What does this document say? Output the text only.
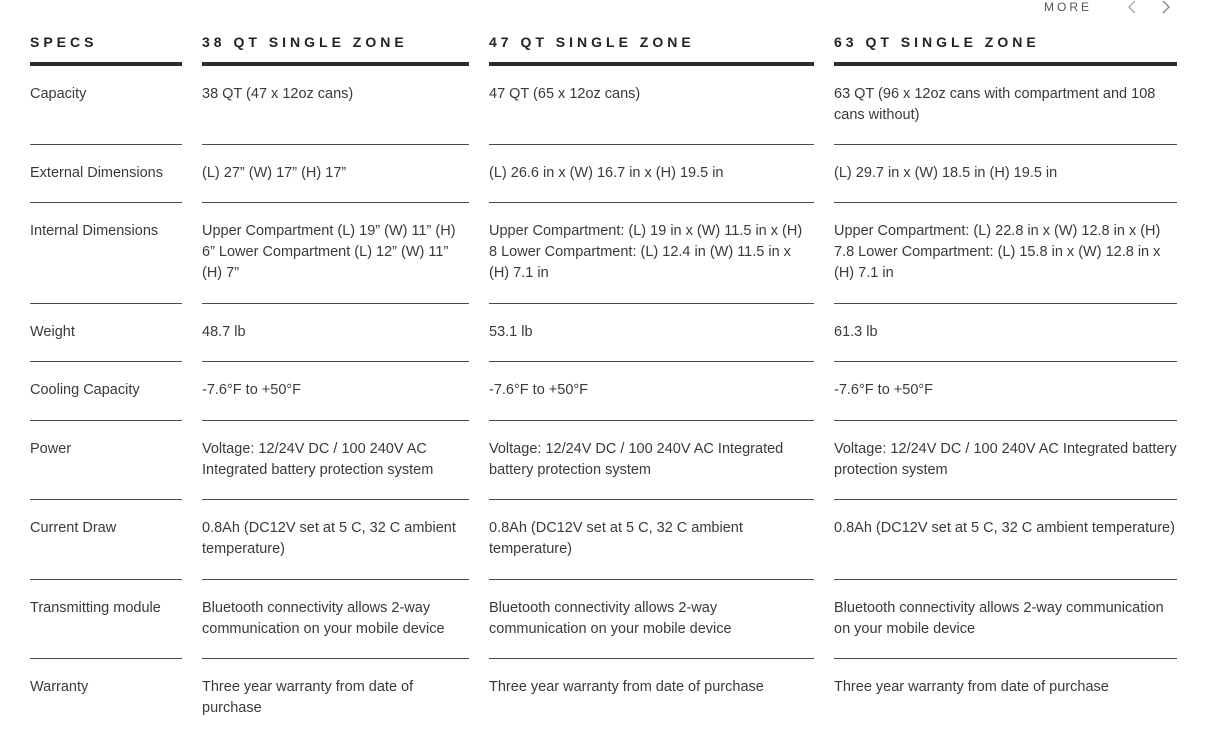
MORE
SPECS
Capacity
External Dimensions
Internal Dimensions
Weight
Cooling Capacity
Power
Current Draw
Transmitting module
Warranty
38 QT SINGLE ZONE
38 QT (47 x 12oz cans)
(L) 27” (W) 17” (H) 17”
Upper Compartment (L) 19” (W) 11” (H) 6” Lower Compartment (L) 12” (W) 11” (H) 7”
48.7 lb
-7.6°F to +50°F
Voltage: 12/24V DC / 100 240V AC Integrated battery protection system
0.8Ah (DC12V set at 5 C, 32 C ambient temperature)
Bluetooth connectivity allows 2-way communication on your mobile device
Three year warranty from date of purchase
47 QT SINGLE ZONE
47 QT (65 x 12oz cans)
(L) 26.6 in x (W) 16.7 in x (H) 19.5 in
Upper Compartment: (L) 19 in x (W) 11.5 in x (H) 8 Lower Compartment: (L) 12.4 in (W) 11.5 in x (H) 7.1 in
53.1 lb
-7.6°F to +50°F
Voltage: 12/24V DC / 100 240V AC Integrated battery protection system
0.8Ah (DC12V set at 5 C, 32 C ambient temperature)
Bluetooth connectivity allows 2-way communication on your mobile device
Three year warranty from date of purchase
63 QT SINGLE ZONE
63 QT (96 x 12oz cans with compartment and 108 cans without)
(L) 29.7 in x (W) 18.5 in (H) 19.5 in
Upper Compartment: (L) 22.8 in x (W) 12.8 in x (H) 7.8 Lower Compartment: (L) 15.8 in x (W) 12.8 in x (H) 7.1 in
61.3 lb
-7.6°F to +50°F
Voltage: 12/24V DC / 100 240V AC Integrated battery protection system
0.8Ah (DC12V set at 5 C, 32 C ambient temperature)
Bluetooth connectivity allows 2-way communication on your mobile device
Three year warranty from date of purchase
